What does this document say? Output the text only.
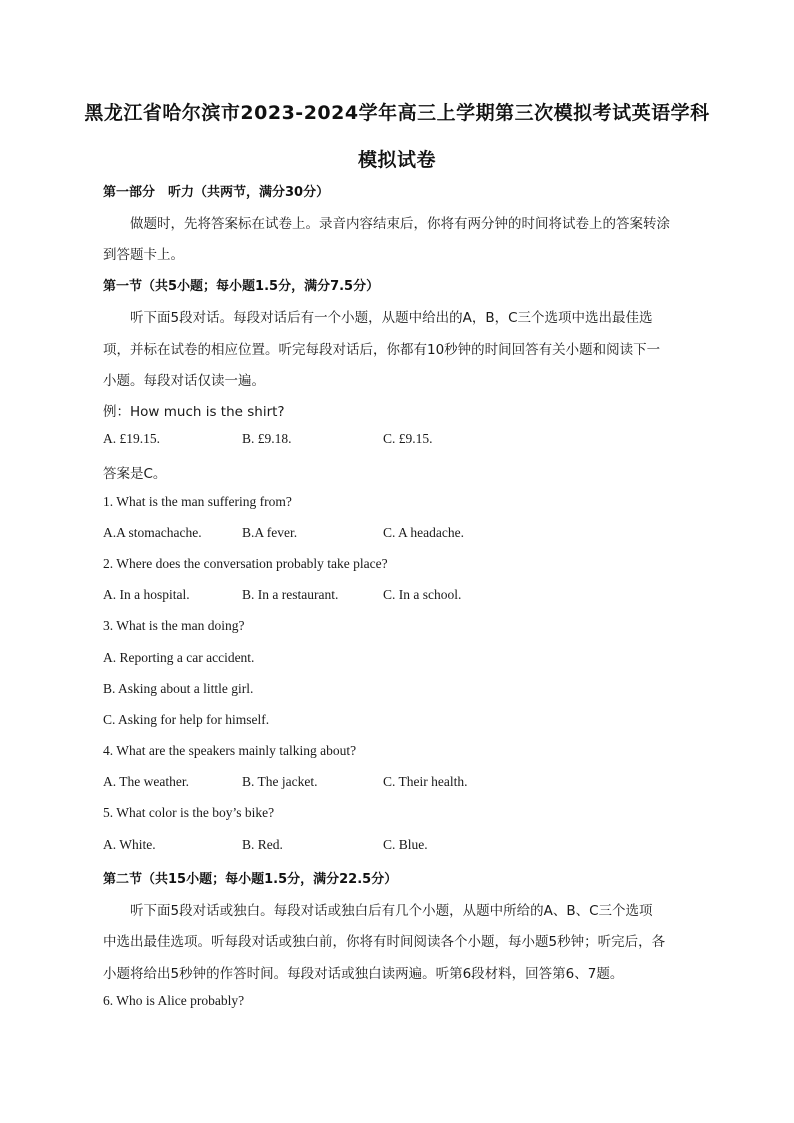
黑龙江省哈尔滨市2023-2024学年高三上学期第三次模拟考试英语学科
模拟试卷
第一部分　听力（共两节，满分30分）
做题时，先将答案标在试卷上。录音内容结束后，你将有两分钟的时间将试卷上的答案转涂
到答题卡上。
第一节（共5小题；每小题1.5分，满分7.5分）
听下面5段对话。每段对话后有一个小题，从题中给出的A，B，C三个选项中选出最佳选
项，并标在试卷的相应位置。听完每段对话后，你都有10秒钟的时间回答有关小题和阅读下一
小题。每段对话仅读一遍。
例：How much is the shirt?
A. £19.15.	B. £9.18.	C. £9.15.
答案是C。
1. What is the man suffering from?
A.A stomachache.	B.A fever.	C. A headache.
2. Where does the conversation probably take place?
A. In a hospital.	B. In a restaurant.	C. In a school.
3. What is the man doing?
A. Reporting a car accident.
B. Asking about a little girl.
C. Asking for help for himself.
4. What are the speakers mainly talking about?
A. The weather.	B. The jacket.	C. Their health.
5. What color is the boy’s bike?
A. White.	B. Red.	C. Blue.
第二节（共15小题；每小题1.5分，满分22.5分）
听下面5段对话或独白。每段对话或独白后有几个小题，从题中所给的A、B、C三个选项
中选出最佳选项。听每段对话或独白前，你将有时间阅读各个小题，每小题5秒钟；听完后，各
小题将给出5秒钟的作答时间。每段对话或独白读两遍。听第6段材料，回答第6、7题。
6. Who is Alice probably?
